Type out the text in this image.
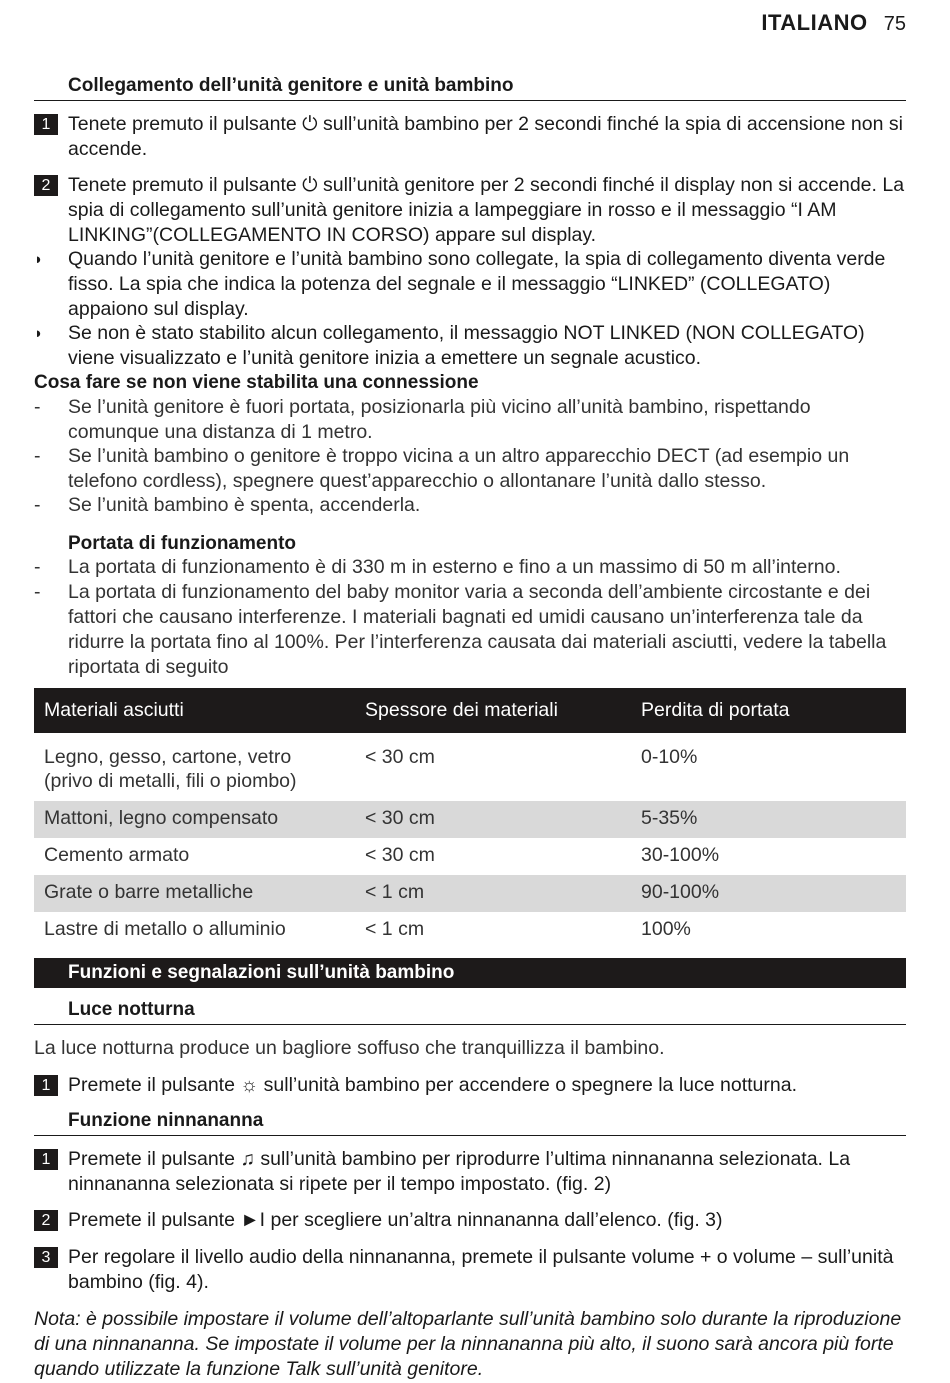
ITALIANO 75
Collegamento dell’unità genitore e unità bambino
1 Tenete premuto il pulsante ⏻ sull’unità bambino per 2 secondi finché la spia di accensione non si accende.
2 Tenete premuto il pulsante ⏻ sull’unità genitore per 2 secondi finché il display non si accende. La spia di collegamento sull’unità genitore inizia a lampeggiare in rosso e il messaggio “I AM LINKING”(COLLEGAMENTO IN CORSO) appare sul display.
◗ Quando l’unità genitore e l’unità bambino sono collegate, la spia di collegamento diventa verde fisso. La spia che indica la potenza del segnale e il messaggio “LINKED” (COLLEGATO) appaiono sul display.
◗ Se non è stato stabilito alcun collegamento, il messaggio NOT LINKED (NON COLLEGATO) viene visualizzato e l’unità genitore inizia a emettere un segnale acustico.
Cosa fare se non viene stabilita una connessione
- Se l’unità genitore è fuori portata, posizionarla più vicino all’unità bambino, rispettando comunque una distanza di 1 metro.
- Se l’unità bambino o genitore è troppo vicina a un altro apparecchio DECT (ad esempio un telefono cordless), spegnere quest’apparecchio o allontanare l’unità dallo stesso.
- Se l’unità bambino è spenta, accenderla.
Portata di funzionamento
- La portata di funzionamento è di 330 m in esterno e fino a un massimo di 50 m all’interno.
- La portata di funzionamento del baby monitor varia a seconda dell’ambiente circostante e dei fattori che causano interferenze. I materiali bagnati ed umidi causano un’interferenza tale da ridurre la portata fino al 100%. Per l’interferenza causata dai materiali asciutti, vedere la tabella riportata di seguito
Materiali asciutti	Spessore dei materiali	Perdita di portata
Legno, gesso, cartone, vetro (privo di metalli, fili o piombo)	< 30 cm	0-10%
Mattoni, legno compensato	< 30 cm	5-35%
Cemento armato	< 30 cm	30-100%
Grate o barre metalliche	< 1 cm	90-100%
Lastre di metallo o alluminio	< 1 cm	100%
Funzioni e segnalazioni sull’unità bambino
Luce notturna
La luce notturna produce un bagliore soffuso che tranquillizza il bambino.
1 Premete il pulsante ☼ sull’unità bambino per accendere o spegnere la luce notturna.
Funzione ninnananna
1 Premete il pulsante ♫ sull’unità bambino per riprodurre l’ultima ninnananna selezionata. La ninnananna selezionata si ripete per il tempo impostato. (fig. 2)
2 Premete il pulsante ►I per scegliere un’altra ninnananna dall’elenco. (fig. 3)
3 Per regolare il livello audio della ninnananna, premete il pulsante volume + o volume – sull’unità bambino (fig. 4).
Nota: è possibile impostare il volume dell’altoparlante sull’unità bambino solo durante la riproduzione di una ninnananna. Se impostate il volume per la ninnananna più alto, il suono sarà ancora più forte quando utilizzate la funzione Talk sull’unità genitore.
